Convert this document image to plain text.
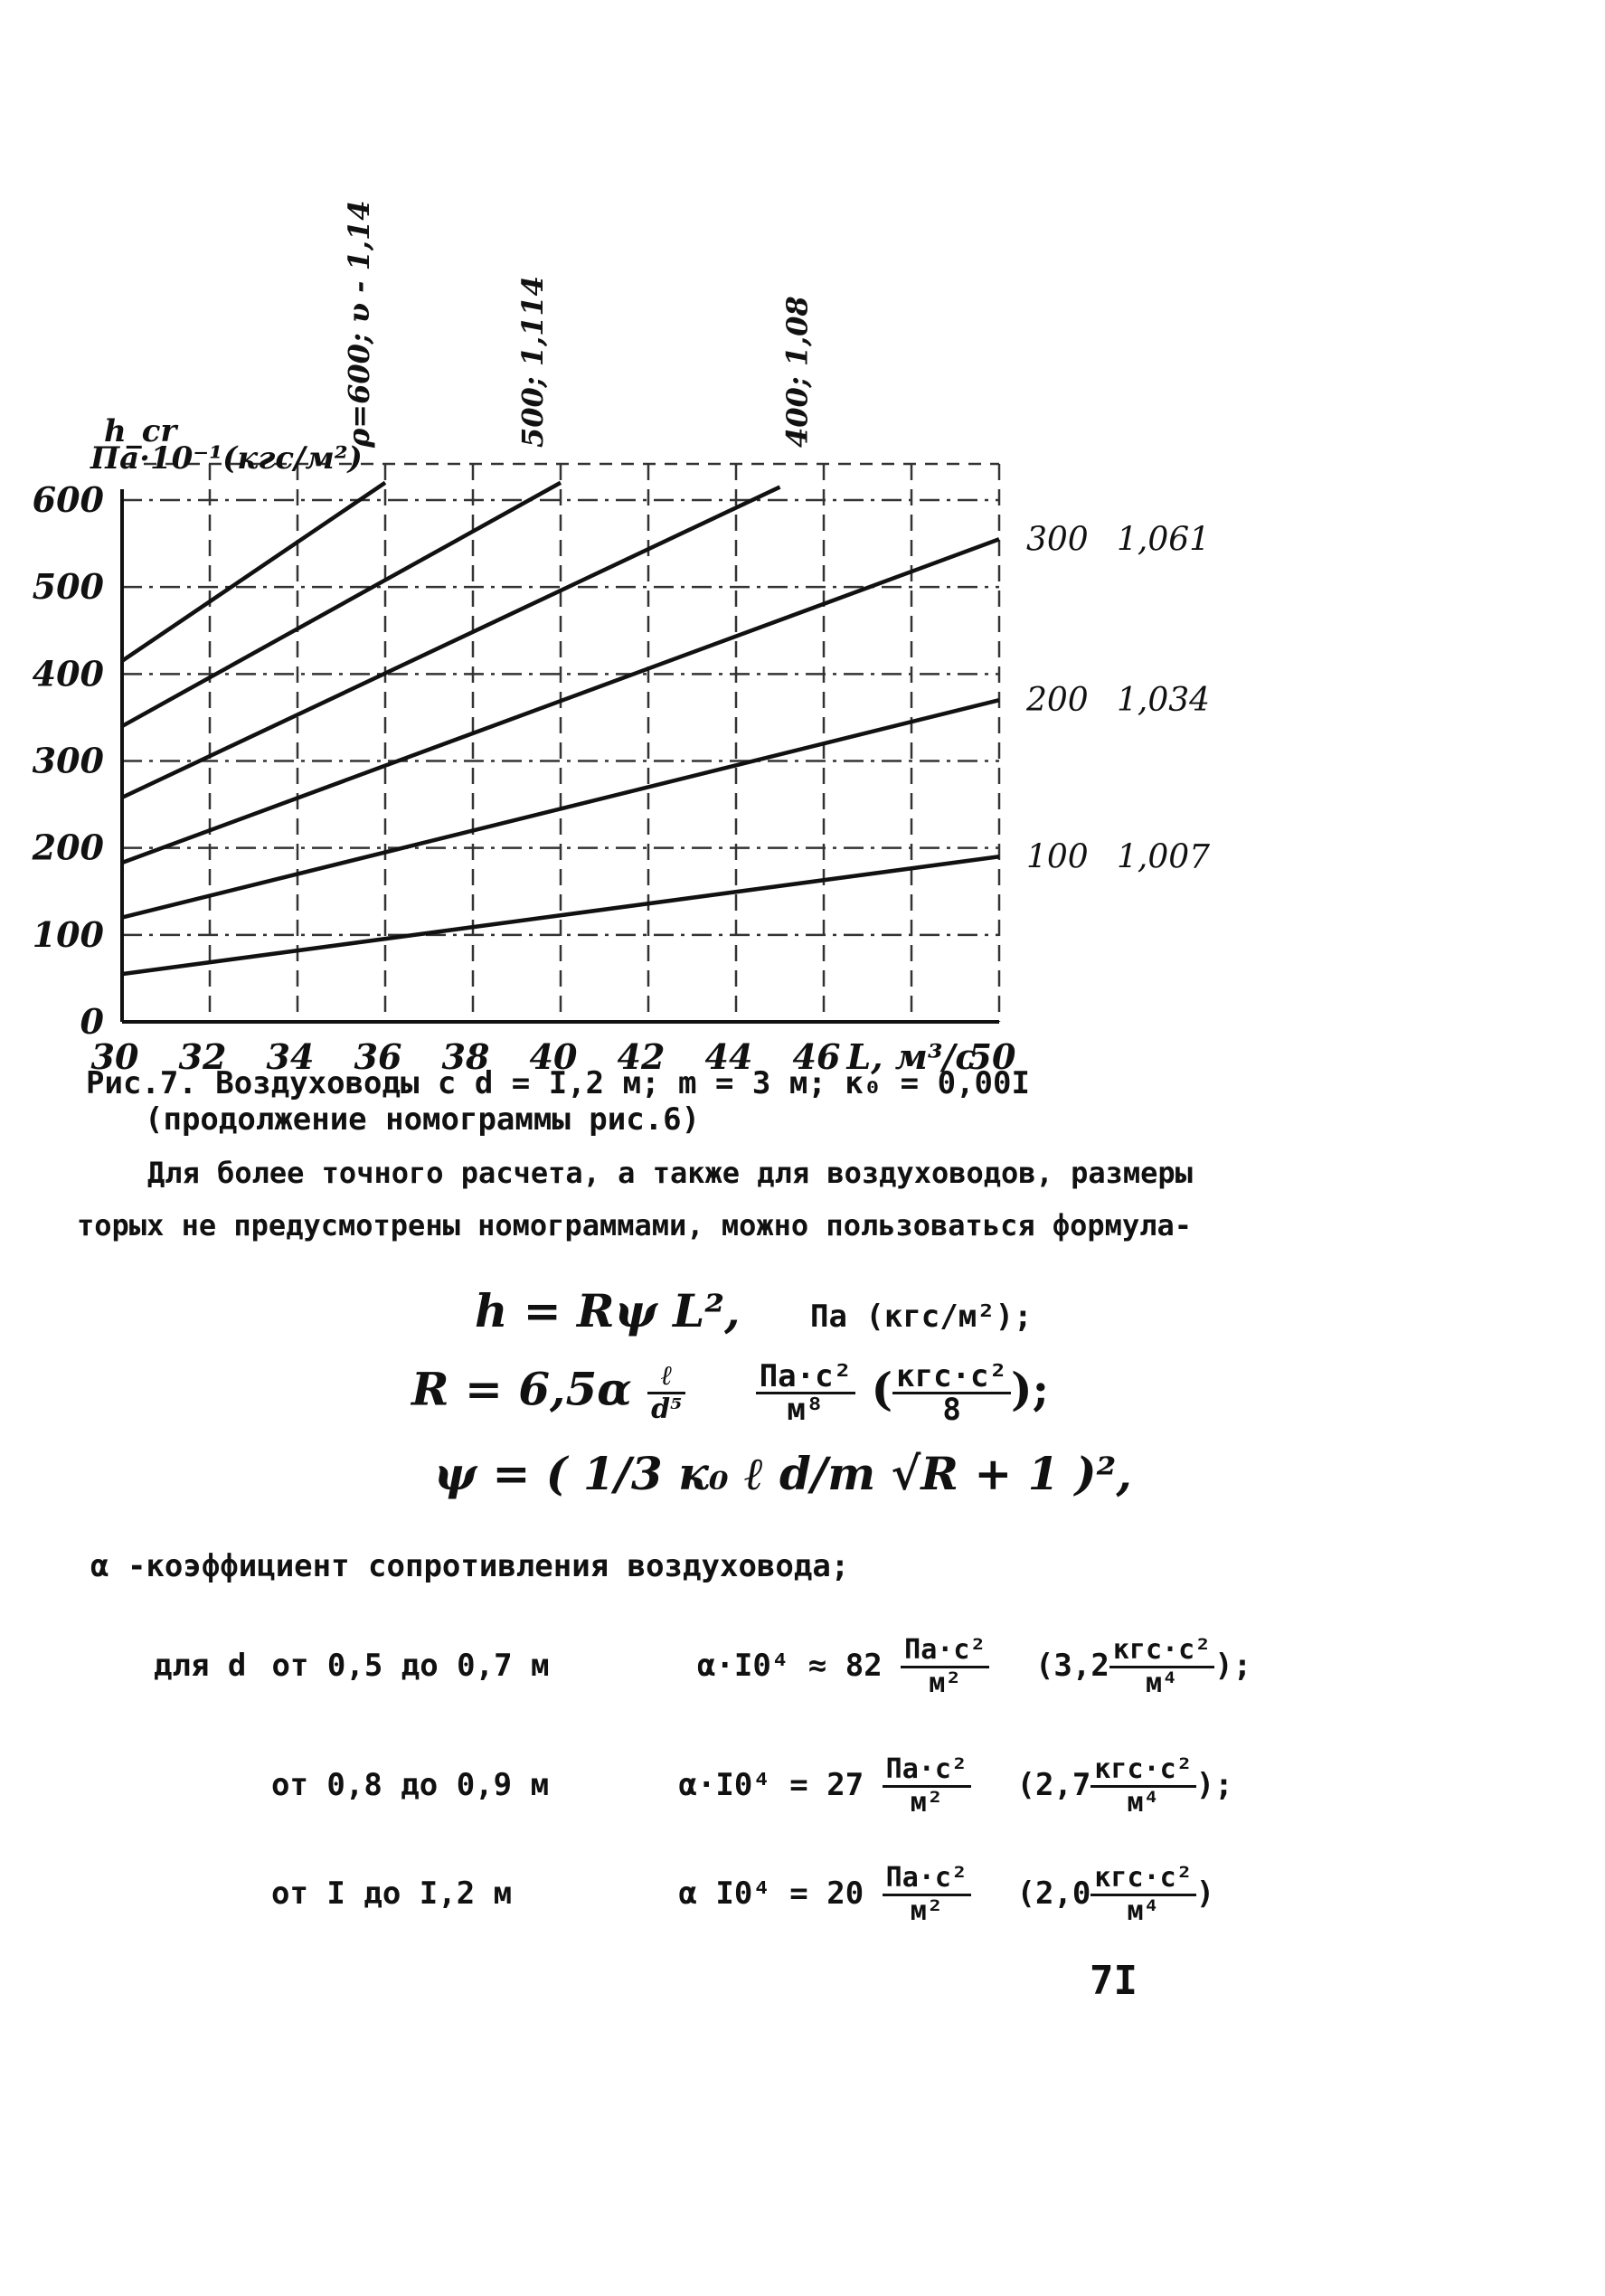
0
100
200
300
400
500
600
30 32 34 36 38 40 42 44 46	50
L, м³/с
300 1,061
200 1,034
100 1,007
ρ=600; υ - 1,14	500; 1,114	400; 1,08
h_cr
Па·10⁻¹(кгс/м²)
Рис.7. Воздуховоды с d = I,2 м; m = 3 м; к₀ = 0,00I
(продолжение номограммы рис.6)
Для более точного расчета, а также для воздуховодов, размеры
торых не предусмотрены номограммами, можно пользоваться формула-
h = Rψ L², Па (кгс/м²);
$R = 6,5\alpha \frac{\text{ℓ}}{\text{d⁵}}$
$\frac{\text{Па·с²}}{\text{м⁸}}$ ( $\frac{\text{кгс·с²}}{8}$ );
ψ = ( 1/3 к₀ ℓ d/m √R + 1 )²,
α -коэффициент сопротивления воздуховода;
для d от 0,5 до 0,7 м	$\alpha\cdot I0^4 \approx 82 \frac{\text{Па·с²}}{\text{м²}} (3,2 \frac{\text{кгс·с²}}{\text{м⁴}}$ );
от 0,8 до 0,9 м	$\alpha\cdot I0^4 = 27 \frac{\text{Па·с²}}{\text{м²}} (2,7 \frac{\text{кгс·с²}}{\text{м⁴}}$ );
от I до I,2 м	α $I0^4 = 20 \frac{\text{Па·с²}}{\text{м²}} (2,0 \frac{\text{кгс·с²}}{\text{м⁴}}$ )
7I
